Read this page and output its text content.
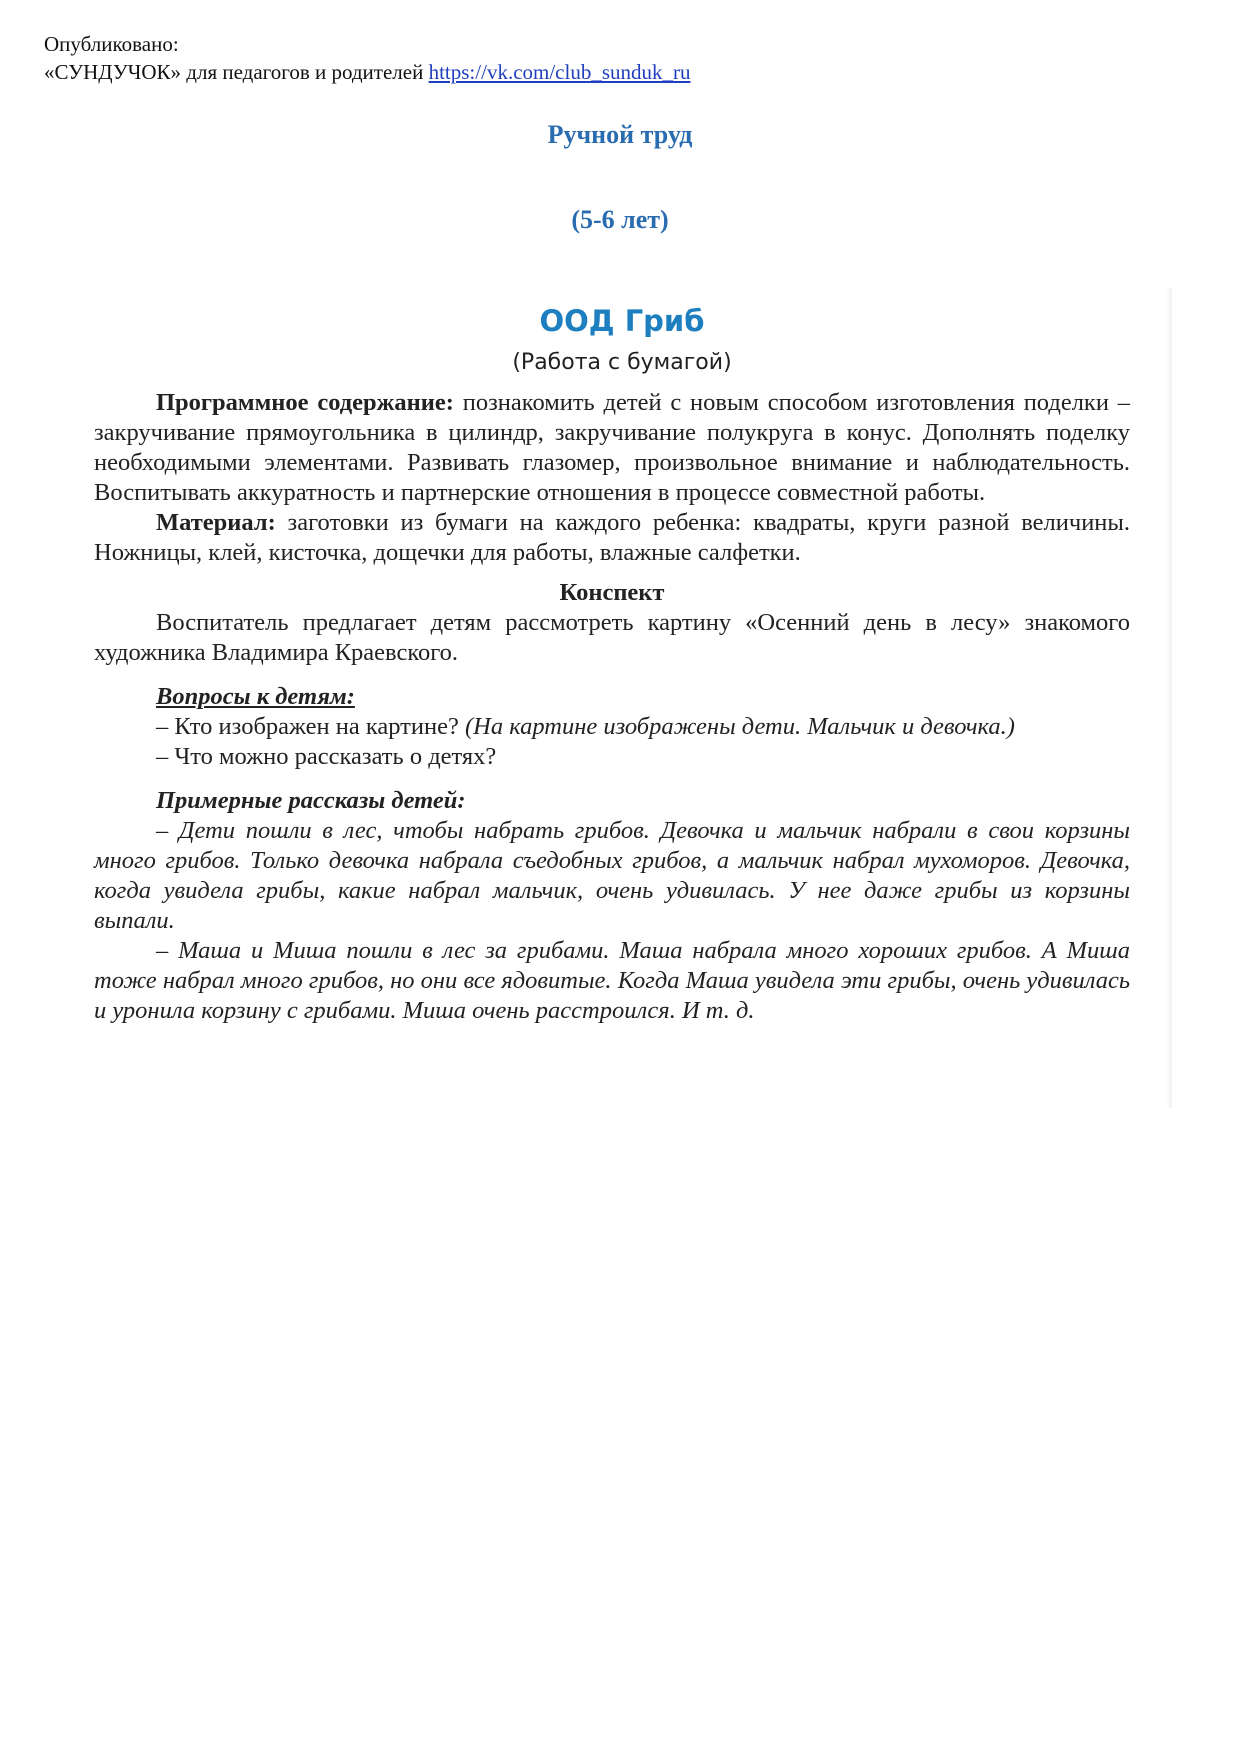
Опубликовано:
«СУНДУЧОК» для педагогов и родителей https://vk.com/club_sunduk_ru
Ручной труд
(5-6 лет)
ООД Гриб
(Работа с бумагой)

Программное содержание: познакомить детей с новым способом изготовления поделки – закручивание прямоугольника в цилиндр, закручивание полукруга в конус. Дополнять поделку необходимыми элементами. Развивать глазомер, произвольное внимание и наблюдательность. Воспитывать аккуратность и партнерские отношения в процессе совместной работы.

Материал: заготовки из бумаги на каждого ребенка: квадраты, круги разной величины. Ножницы, клей, кисточка, дощечки для работы, влажные салфетки.

Конспект

Воспитатель предлагает детям рассмотреть картину «Осенний день в лесу» знакомого художника Владимира Краевского.

Вопросы к детям:
– Кто изображен на картине? (На картине изображены дети. Мальчик и девочка.)
– Что можно рассказать о детях?
Примерные рассказы детей:

– Дети пошли в лес, чтобы набрать грибов. Девочка и мальчик набрали в свои корзины много грибов. Только девочка набрала съедобных грибов, а мальчик набрал мухоморов. Девочка, когда увидела грибы, какие набрал мальчик, очень удивилась. У нее даже грибы из корзины выпали.

– Маша и Миша пошли в лес за грибами. Маша набрала много хороших грибов. А Миша тоже набрал много грибов, но они все ядовитые. Когда Маша увидела эти грибы, очень удивилась и уронила корзину с грибами. Миша очень расстроился. И т. д.
